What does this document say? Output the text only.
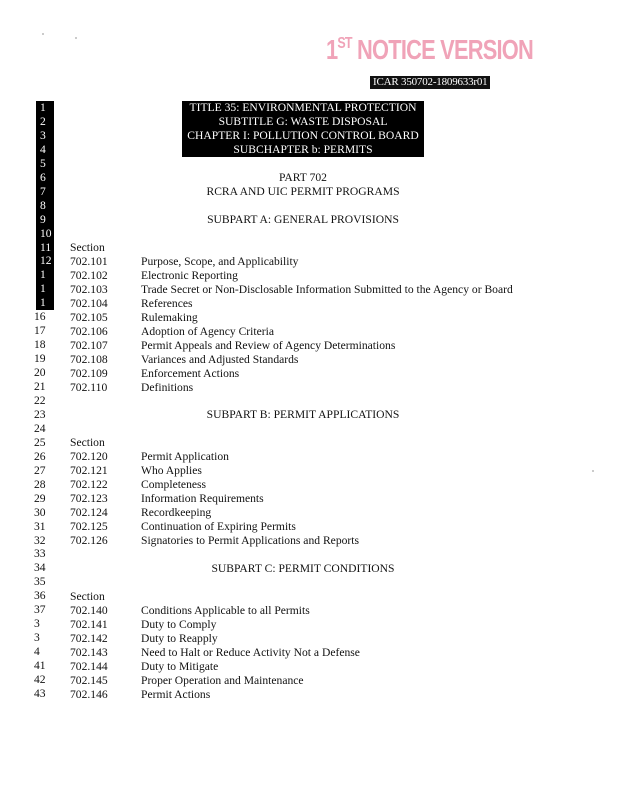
1ST NOTICE VERSION
ICAR 350702-1809633r01
1
2
3
4
5
6
7
8
9
10
11
12
1
1
1
16
17
18
19
20
21
22
23
24
25
26
27
28
29
30
31
32
33
34
35
36
37
3
3
4
41
42
43
TITLE 35: ENVIRONMENTAL PROTECTION
SUBTITLE G: WASTE DISPOSAL
CHAPTER I: POLLUTION CONTROL BOARD
SUBCHAPTER b: PERMITS
PART 702
RCRA AND UIC PERMIT PROGRAMS
SUBPART A: GENERAL PROVISIONS
Section
702.101	Purpose, Scope, and Applicability
702.102	Electronic Reporting
702.103	Trade Secret or Non-Disclosable Information Submitted to the Agency or Board
702.104	References
702.105	Rulemaking
702.106	Adoption of Agency Criteria
702.107	Permit Appeals and Review of Agency Determinations
702.108	Variances and Adjusted Standards
702.109	Enforcement Actions
702.110	Definitions
SUBPART B: PERMIT APPLICATIONS
Section
702.120	Permit Application
702.121	Who Applies
702.122	Completeness
702.123	Information Requirements
702.124	Recordkeeping
702.125	Continuation of Expiring Permits
702.126	Signatories to Permit Applications and Reports
SUBPART C: PERMIT CONDITIONS
Section
702.140	Conditions Applicable to all Permits
702.141	Duty to Comply
702.142	Duty to Reapply
702.143	Need to Halt or Reduce Activity Not a Defense
702.144	Duty to Mitigate
702.145	Proper Operation and Maintenance
702.146	Permit Actions
